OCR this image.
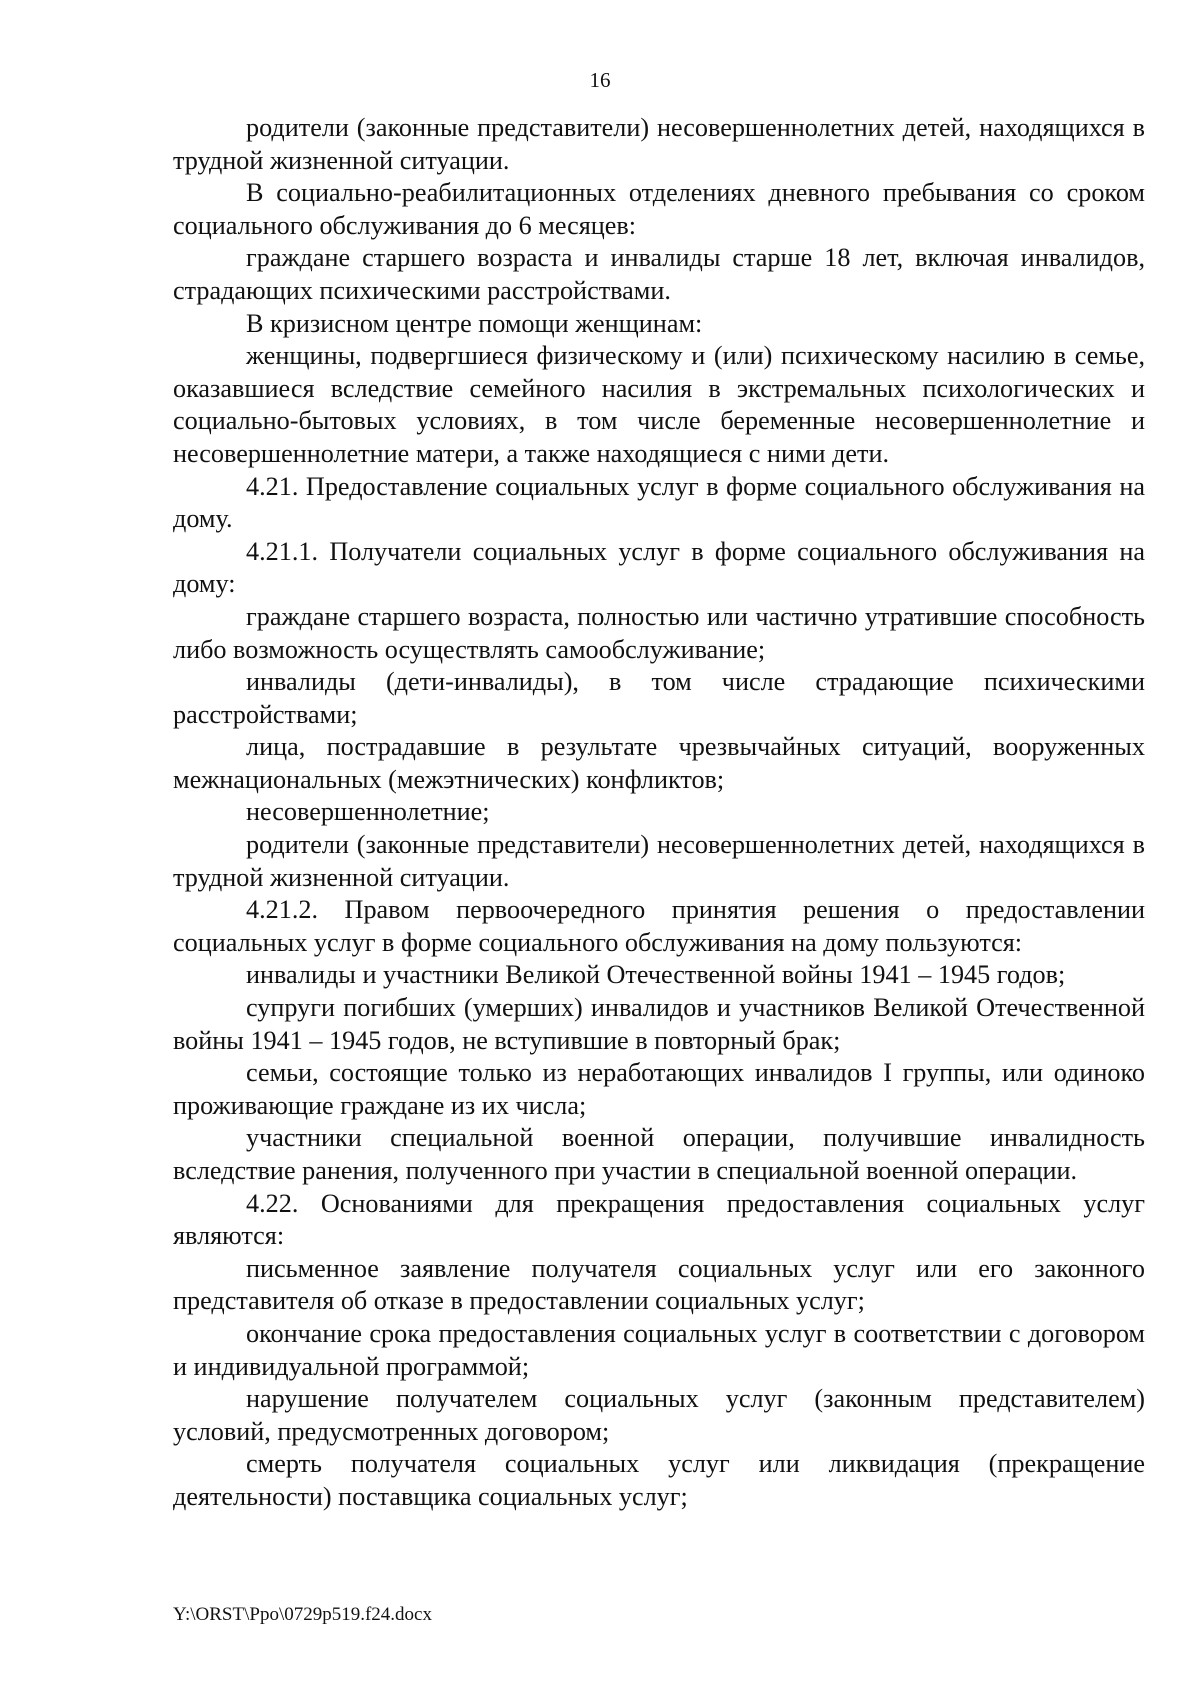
16

родители (законные представители) несовершеннолетних детей, находящихся в трудной жизненной ситуации.

В социально-реабилитационных отделениях дневного пребывания со сроком социального обслуживания до 6 месяцев:

граждане старшего возраста и инвалиды старше 18 лет, включая инвалидов, страдающих психическими расстройствами.

В кризисном центре помощи женщинам:

женщины, подвергшиеся физическому и (или) психическому насилию в семье, оказавшиеся вследствие семейного насилия в экстремальных психологических и социально-бытовых условиях, в том числе беременные несовершеннолетние и несовершеннолетние матери, а также находящиеся с ними дети.

4.21. Предоставление социальных услуг в форме социального обслуживания на дому.

4.21.1. Получатели социальных услуг в форме социального обслуживания на дому:

граждане старшего возраста, полностью или частично утратившие способность либо возможность осуществлять самообслуживание;

инвалиды (дети-инвалиды), в том числе страдающие психическими расстройствами;

лица, пострадавшие в результате чрезвычайных ситуаций, вооруженных межнациональных (межэтнических) конфликтов;

несовершеннолетние;

родители (законные представители) несовершеннолетних детей, находящихся в трудной жизненной ситуации.

4.21.2. Правом первоочередного принятия решения о предоставлении социальных услуг в форме социального обслуживания на дому пользуются:

инвалиды и участники Великой Отечественной войны 1941 – 1945 годов;

супруги погибших (умерших) инвалидов и участников Великой Отечественной войны 1941 – 1945 годов, не вступившие в повторный брак;

семьи, состоящие только из неработающих инвалидов I группы, или одиноко проживающие граждане из их числа;

участники специальной военной операции, получившие инвалидность вследствие ранения, полученного при участии в специальной военной операции.

4.22. Основаниями для прекращения предоставления социальных услуг являются:

письменное заявление получателя социальных услуг или его законного представителя об отказе в предоставлении социальных услуг;

окончание срока предоставления социальных услуг в соответствии с договором и индивидуальной программой;

нарушение получателем социальных услуг (законным представителем) условий, предусмотренных договором;

смерть получателя социальных услуг или ликвидация (прекращение деятельности) поставщика социальных услуг;

Y:\ORST\Ppo\0729p519.f24.docx
